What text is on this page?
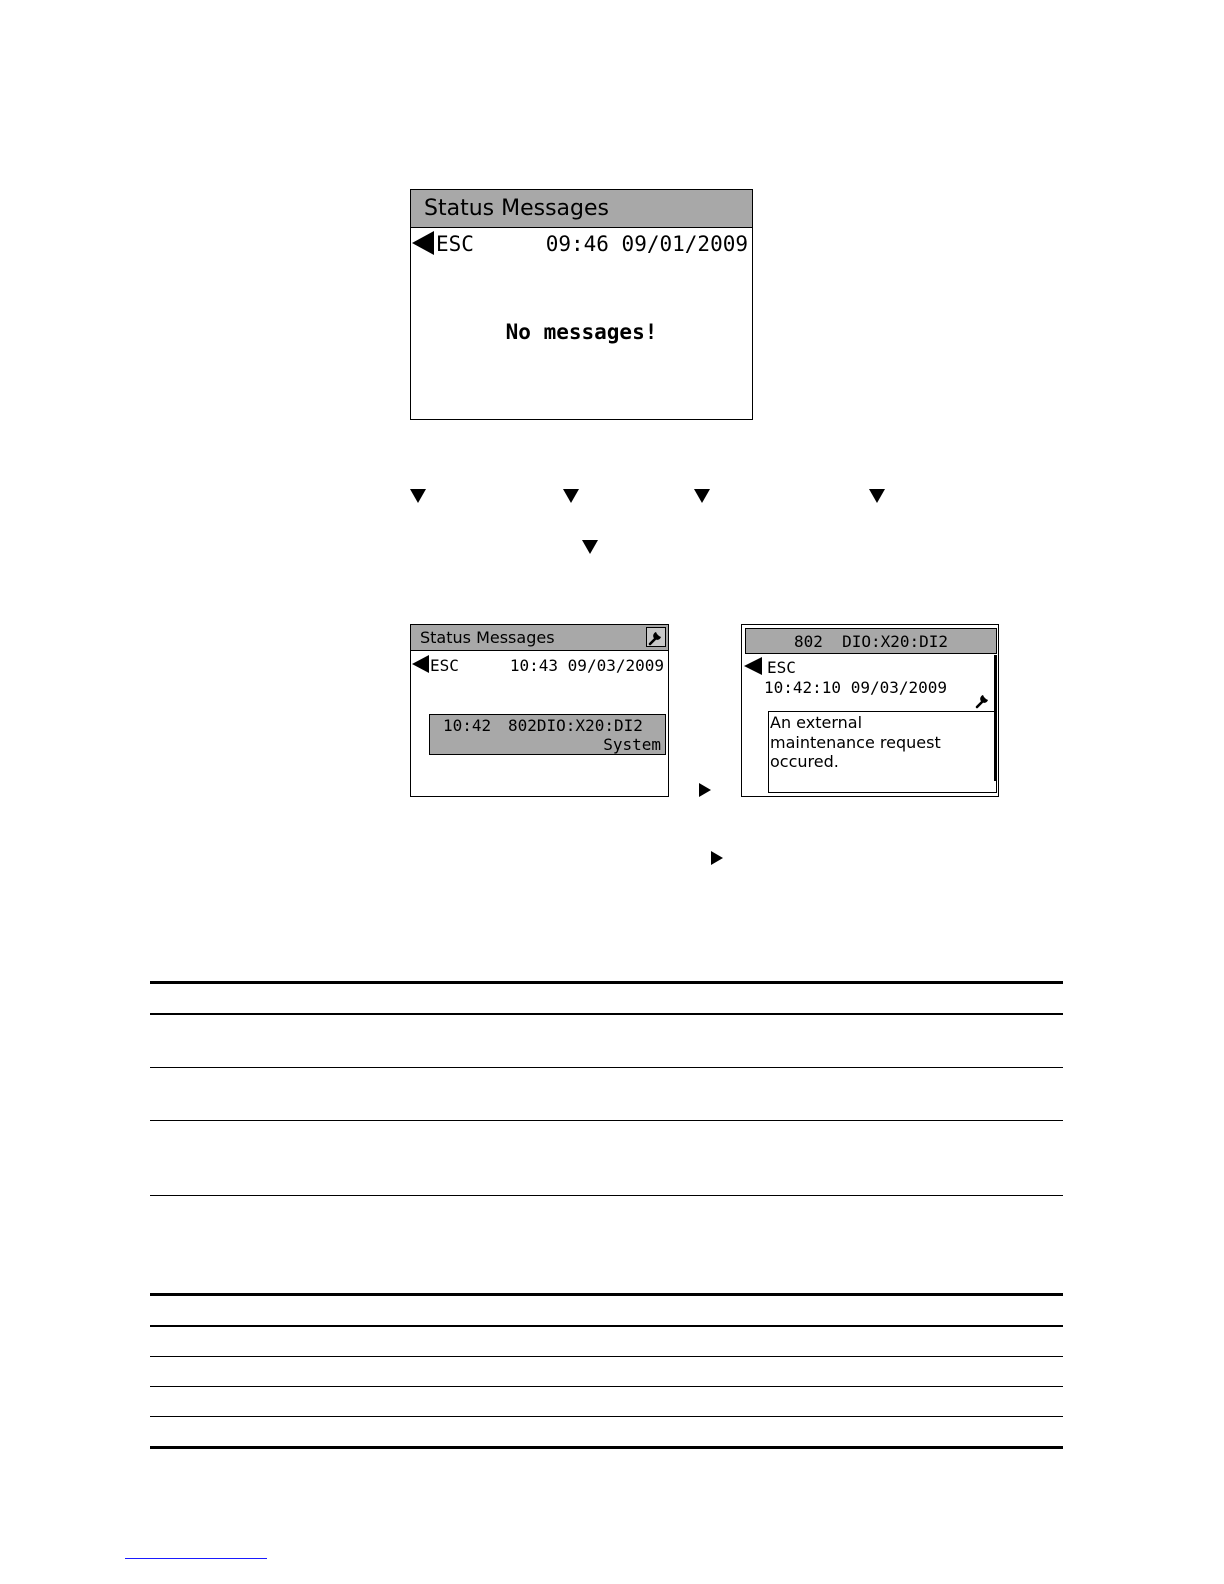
Status Messages
ESC	09:46 09/01/2009
No messages!
Status Messages
ESC	10:43 09/03/2009
10:42 802DIO:X20:DI2
System
802  DIO:X20:DI2
ESC
10:42:10 09/03/2009
An external
maintenance request
occured.
